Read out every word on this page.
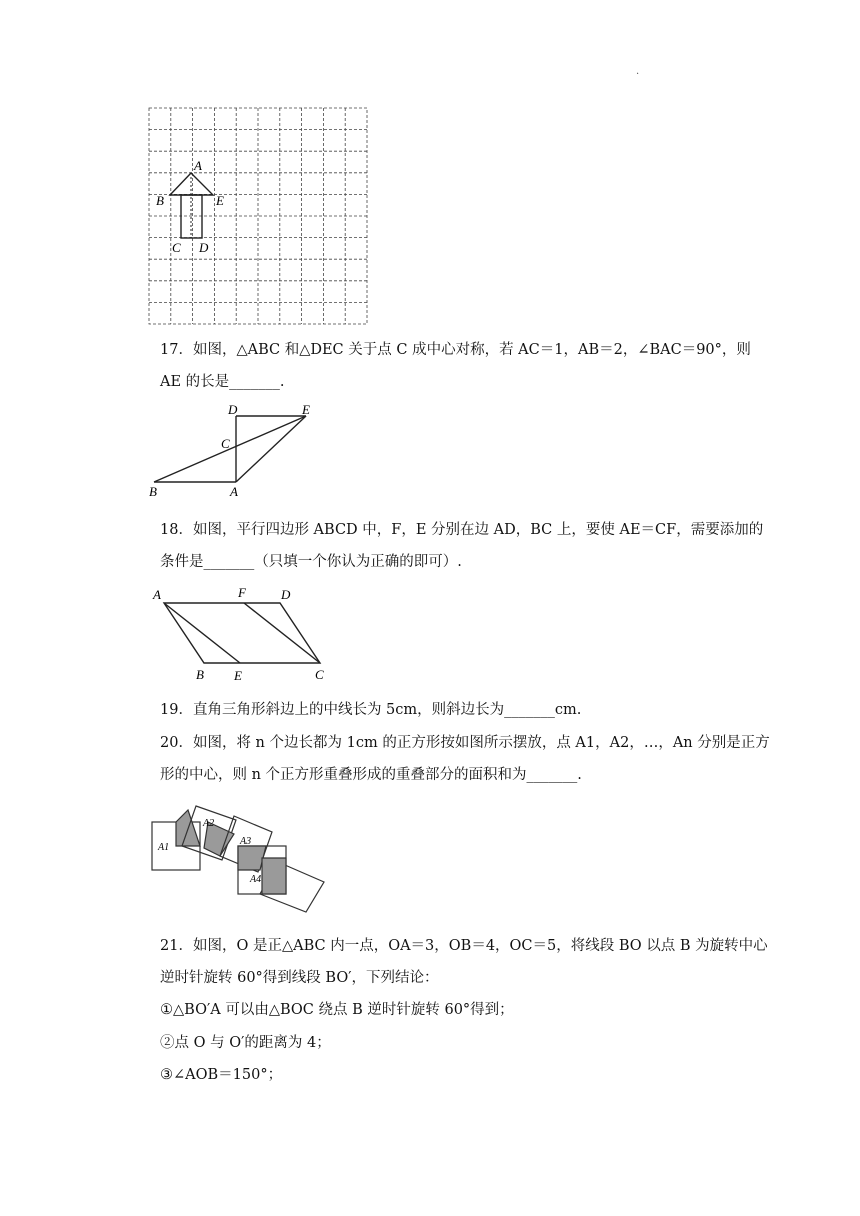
.
A
B	E
C D
17．如图，△ABC 和△DEC 关于点 C 成中心对称，若 AC＝1，AB＝2，∠BAC＝90°，则
AE 的长是_______.
D	E
C
B	A
18．如图，平行四边形 ABCD 中，F，E 分别在边 AD，BC 上，要使 AE＝CF，需要添加的
条件是_______（只填一个你认为正确的即可）.
A	F	D
B E	C
19．直角三角形斜边上的中线长为 5cm，则斜边长为_______cm.
20．如图，将 n 个边长都为 1cm 的正方形按如图所示摆放，点 A1，A2，…，An 分别是正方
形的中心，则 n 个正方形重叠形成的重叠部分的面积和为_______.
A1
A2
A3
A4
21．如图，O 是正△ABC 内一点，OA＝3，OB＝4，OC＝5，将线段 BO 以点 B 为旋转中心
逆时针旋转 60°得到线段 BO′，下列结论：
①△BO′A 可以由△BOC 绕点 B 逆时针旋转 60°得到；
②点 O 与 O′的距离为 4；
③∠AOB＝150°；
